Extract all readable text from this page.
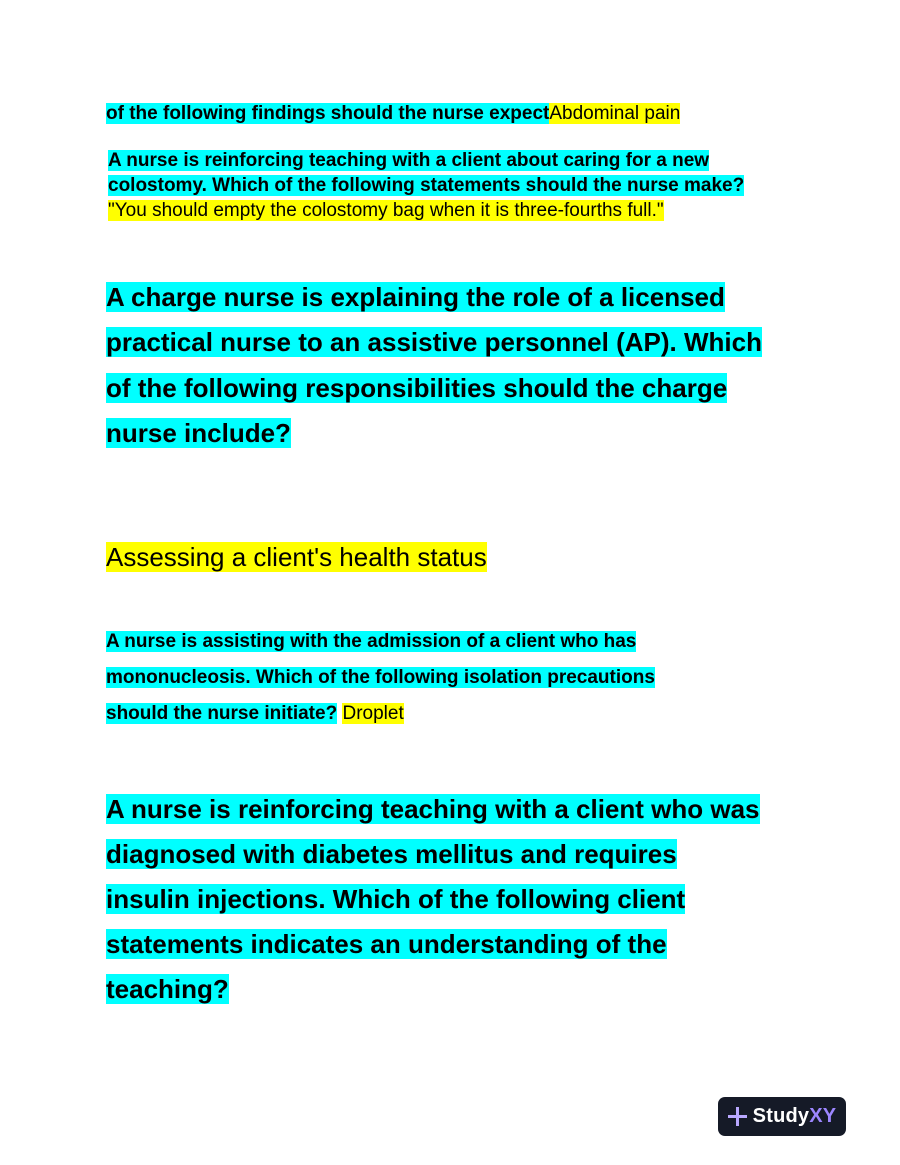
of the following findings should the nurse expectAbdominal pain
A nurse is reinforcing teaching with a client about caring for a new
colostomy. Which of the following statements should the nurse make?
"You should empty the colostomy bag when it is three-fourths full."
A charge nurse is explaining the role of a licensed
practical nurse to an assistive personnel (AP). Which
of the following responsibilities should the charge
nurse include?
Assessing a client's health status
A nurse is assisting with the admission of a client who has
mononucleosis. Which of the following isolation precautions
should the nurse initiate? Droplet
A nurse is reinforcing teaching with a client who was
diagnosed with diabetes mellitus and requires
insulin injections. Which of the following client
statements indicates an understanding of the
teaching?
StudyXY
